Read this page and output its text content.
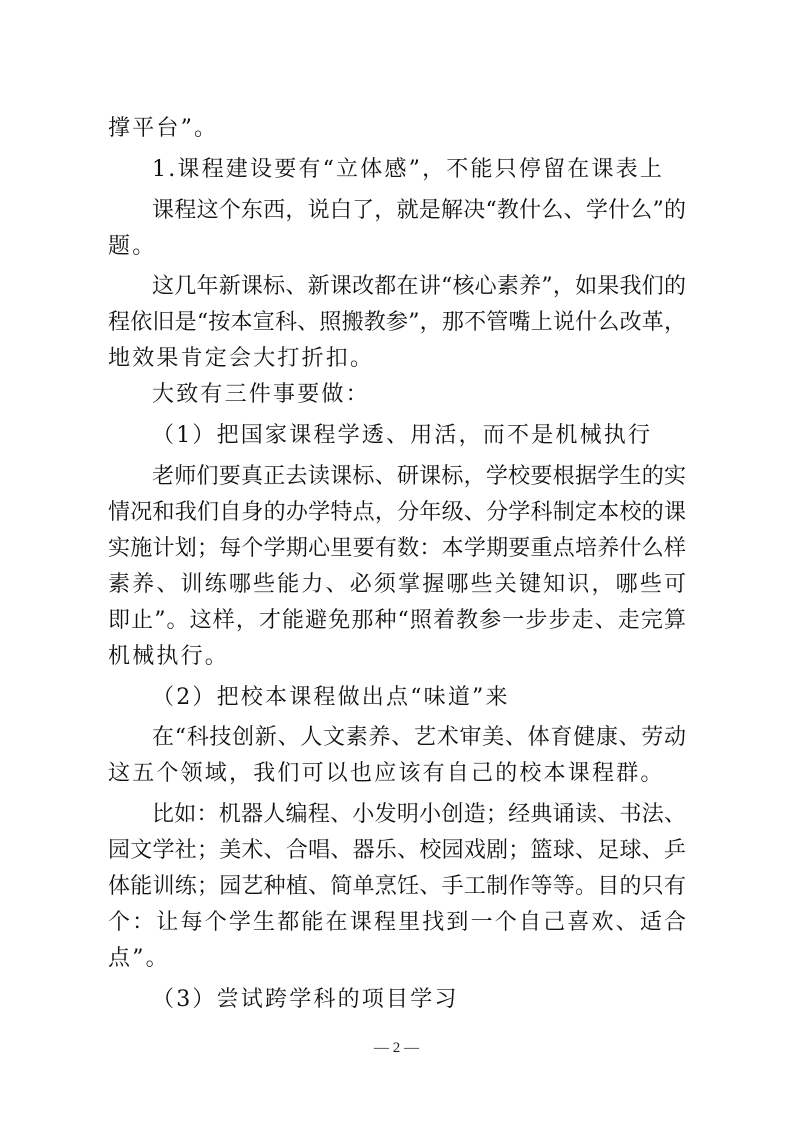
撑平台”。
1.课程建设要有“立体感”，不能只停留在课表上
课程这个东西，说白了，就是解决“教什么、学什么”的
题。
这几年新课标、新课改都在讲“核心素养”，如果我们的
程依旧是“按本宣科、照搬教参”，那不管嘴上说什么改革，
地效果肯定会大打折扣。
大致有三件事要做：
（1）把国家课程学透、用活，而不是机械执行
老师们要真正去读课标、研课标，学校要根据学生的实
情况和我们自身的办学特点，分年级、分学科制定本校的课
实施计划；每个学期心里要有数：本学期要重点培养什么样
素养、训练哪些能力、必须掌握哪些关键知识，哪些可
即止”。这样，才能避免那种“照着教参一步步走、走完算
机械执行。
（2）把校本课程做出点“味道”来
在“科技创新、人文素养、艺术审美、体育健康、劳动
这五个领域，我们可以也应该有自己的校本课程群。
比如：机器人编程、小发明小创造；经典诵读、书法、
园文学社；美术、合唱、器乐、校园戏剧；篮球、足球、乒
体能训练；园艺种植、简单烹饪、手工制作等等。目的只有
个：让每个学生都能在课程里找到一个自己喜欢、适合
点”。
（3）尝试跨学科的项目学习
— 2 —
